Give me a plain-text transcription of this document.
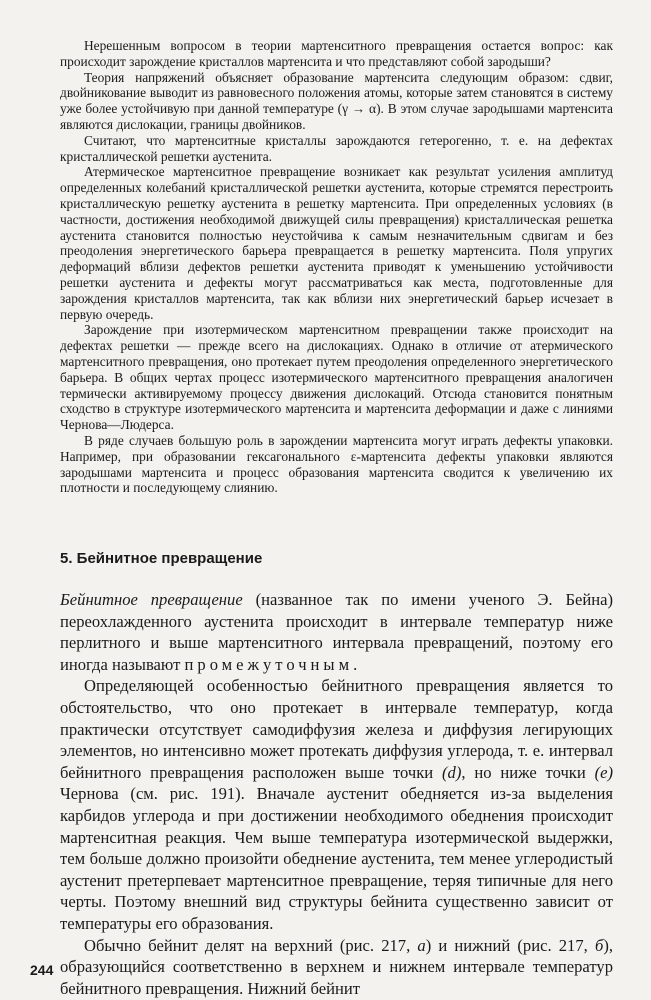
Нерешенным вопросом в теории мартенситного превращения остается вопрос: как происходит зарождение кристаллов мартенсита и что представляют собой зародыши?

Теория напряжений объясняет образование мартенсита следующим образом: сдвиг, двойникование выводит из равновесного положения атомы, которые затем становятся в систему уже более устойчивую при данной температуре (γ → α). В этом случае зародышами мартенсита являются дислокации, границы двойников.

Считают, что мартенситные кристаллы зарождаются гетерогенно, т. е. на дефектах кристаллической решетки аустенита.

Атермическое мартенситное превращение возникает как результат усиления амплитуд определенных колебаний кристаллической решетки аустенита, которые стремятся перестроить кристаллическую решетку аустенита в решетку мартенсита. При определенных условиях (в частности, достижения необходимой движущей силы превращения) кристаллическая решетка аустенита становится полностью неустойчива к самым незначительным сдвигам и без преодоления энергетического барьера превращается в решетку мартенсита. Поля упругих деформаций вблизи дефектов решетки аустенита приводят к уменьшению устойчивости решетки аустенита и дефекты могут рассматриваться как места, подготовленные для зарождения кристаллов мартенсита, так как вблизи них энергетический барьер исчезает в первую очередь.

Зарождение при изотермическом мартенситном превращении также происходит на дефектах решетки — прежде всего на дислокациях. Однако в отличие от атермического мартенситного превращения, оно протекает путем преодоления определенного энергетического барьера. В общих чертах процесс изотермического мартенситного превращения аналогичен термически активируемому процессу движения дислокаций. Отсюда становится понятным сходство в структуре изотермического мартенсита и мартенсита деформации и даже с линиями Чернова—Людерса.

В ряде случаев большую роль в зарождении мартенсита могут играть дефекты упаковки. Например, при образовании гексагонального ε-мартенсита дефекты упаковки являются зародышами мартенсита и процесс образования мартенсита сводится к увеличению их плотности и последующему слиянию.

5. Бейнитное превращение

Бейнитное превращение (названное так по имени ученого Э. Бейна) переохлажденного аустенита происходит в интервале температур ниже перлитного и выше мартенситного интервала превращений, поэтому его иногда называют промежуточным.

Определяющей особенностью бейнитного превращения является то обстоятельство, что оно протекает в интервале температур, когда практически отсутствует самодиффузия железа и диффузия легирующих элементов, но интенсивно может протекать диффузия углерода, т. е. интервал бейнитного превращения расположен выше точки (d), но ниже точки (e) Чернова (см. рис. 191). Вначале аустенит обедняется из-за выделения карбидов углерода и при достижении необходимого обеднения происходит мартенситная реакция. Чем выше температура изотермической выдержки, тем больше должно произойти обеднение аустенита, тем менее углеродистый аустенит претерпевает мартенситное превращение, теряя типичные для него черты. Поэтому внешний вид структуры бейнита существенно зависит от температуры его образования.

Обычно бейнит делят на верхний (рис. 217, а) и нижний (рис. 217, б), образующийся соответственно в верхнем и нижнем интервале температур бейнитного превращения. Нижний бейнит

244
